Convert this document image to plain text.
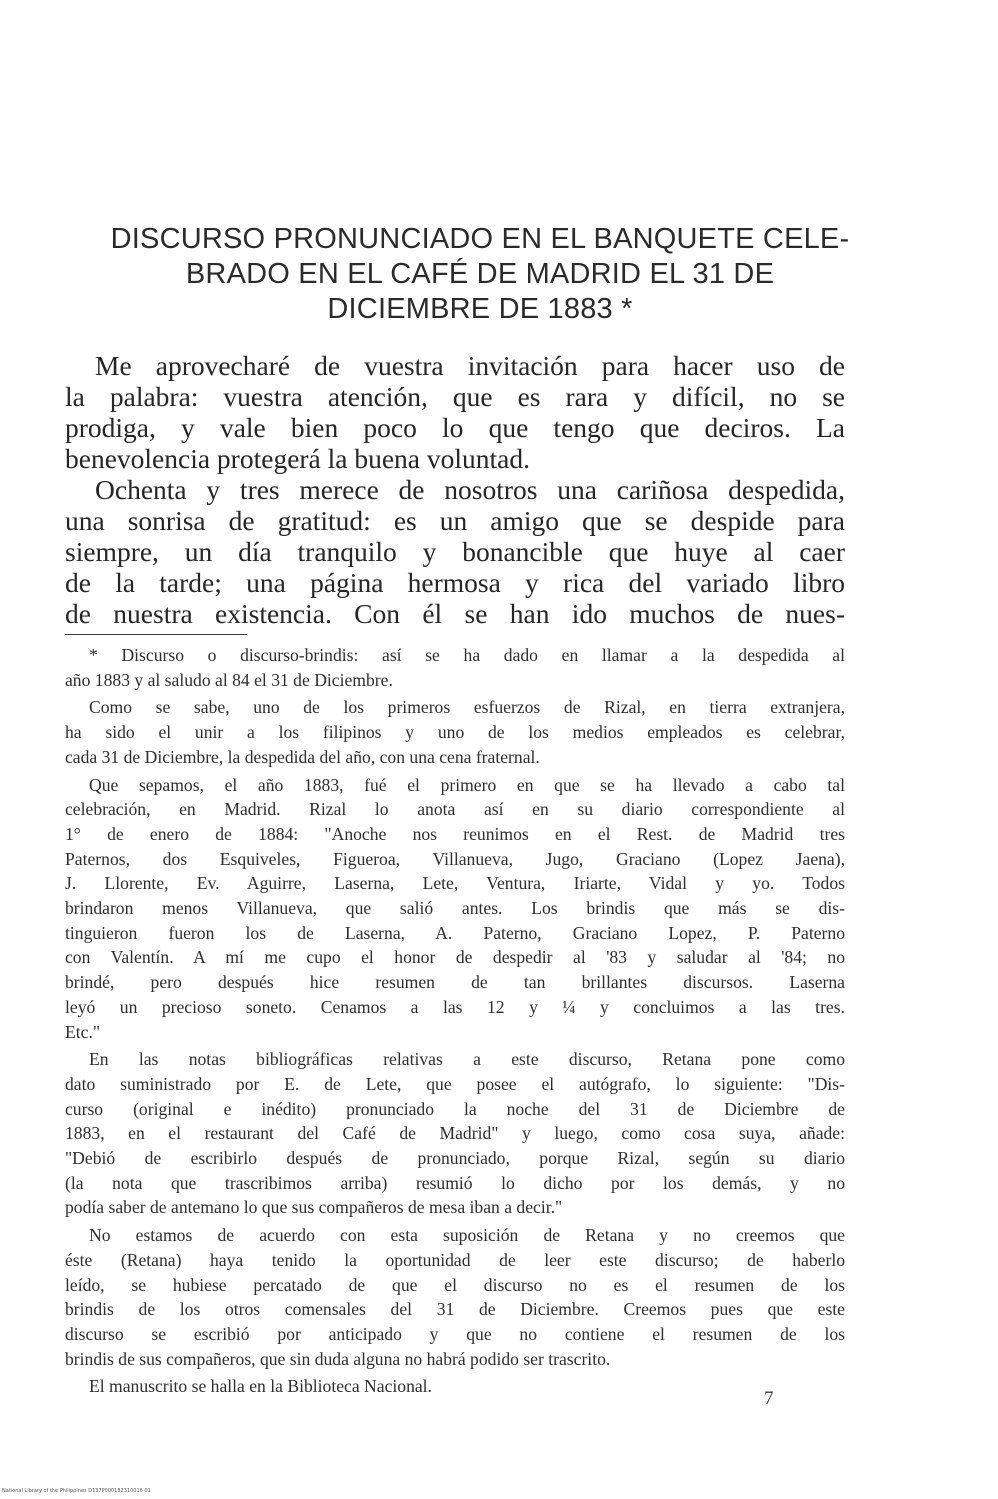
DISCURSO PRONUNCIADO EN EL BANQUETE CELE-
BRADO EN EL CAFÉ DE MADRID EL 31 DE
DICIEMBRE DE 1883 *
Me aprovecharé de vuestra invitación para hacer uso de
la palabra: vuestra atención, que es rara y difícil, no se
prodiga, y vale bien poco lo que tengo que deciros. La
benevolencia protegerá la buena voluntad.
Ochenta y tres merece de nosotros una cariñosa despedida,
una sonrisa de gratitud: es un amigo que se despide para
siempre, un día tranquilo y bonancible que huye al caer
de la tarde; una página hermosa y rica del variado libro
de nuestra existencia. Con él se han ido muchos de nues-
* Discurso o discurso-brindis: así se ha dado en llamar a la despedida al
año 1883 y al saludo al 84 el 31 de Diciembre.
Como se sabe, uno de los primeros esfuerzos de Rizal, en tierra extranjera,
ha sido el unir a los filipinos y uno de los medios empleados es celebrar,
cada 31 de Diciembre, la despedida del año, con una cena fraternal.
Que sepamos, el año 1883, fué el primero en que se ha llevado a cabo tal
celebración, en Madrid. Rizal lo anota así en su diario correspondiente al
1° de enero de 1884: "Anoche nos reunimos en el Rest. de Madrid tres
Paternos, dos Esquiveles, Figueroa, Villanueva, Jugo, Graciano (Lopez Jaena),
J. Llorente, Ev. Aguirre, Laserna, Lete, Ventura, Iriarte, Vidal y yo. Todos
brindaron menos Villanueva, que salió antes. Los brindis que más se dis-
tinguieron fueron los de Laserna, A. Paterno, Graciano Lopez, P. Paterno
con Valentín. A mí me cupo el honor de despedir al '83 y saludar al '84; no
brindé, pero después hice resumen de tan brillantes discursos. Laserna
leyó un precioso soneto. Cenamos a las 12 y ¼ y concluimos a las tres.
Etc."
En las notas bibliográficas relativas a este discurso, Retana pone como
dato suministrado por E. de Lete, que posee el autógrafo, lo siguiente: "Dis-
curso (original e inédito) pronunciado la noche del 31 de Diciembre de
1883, en el restaurant del Café de Madrid" y luego, como cosa suya, añade:
"Debió de escribirlo después de pronunciado, porque Rizal, según su diario
(la nota que trascribimos arriba) resumió lo dicho por los demás, y no
podía saber de antemano lo que sus compañeros de mesa iban a decir."
No estamos de acuerdo con esta suposición de Retana y no creemos que
éste (Retana) haya tenido la oportunidad de leer este discurso; de haberlo
leído, se hubiese percatado de que el discurso no es el resumen de los
brindis de los otros comensales del 31 de Diciembre. Creemos pues que este
discurso se escribió por anticipado y que no contiene el resumen de los
brindis de sus compañeros, que sin duda alguna no habrá podido ser trascrito.
El manuscrito se halla en la Biblioteca Nacional.
7
National Library of the Philippines D137P000182310016 01
